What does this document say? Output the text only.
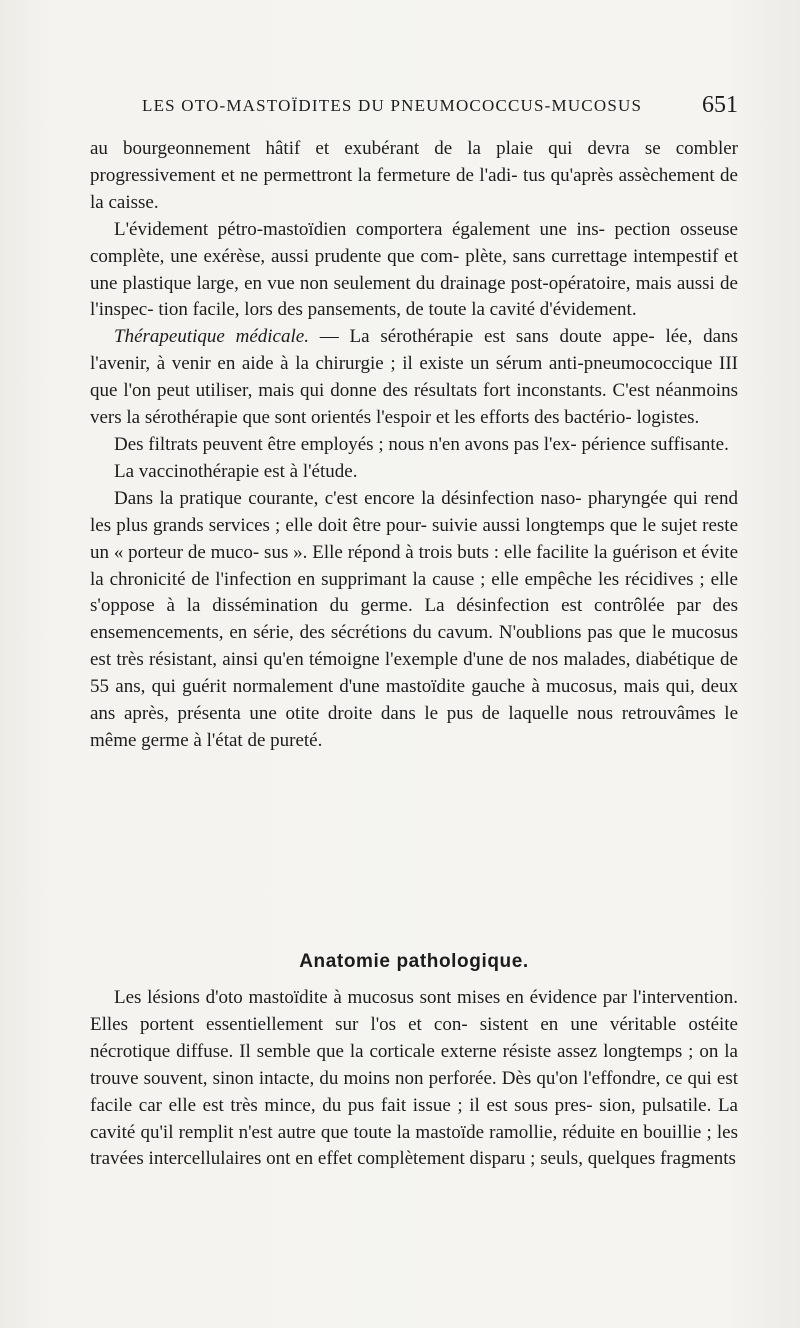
LES OTO-MASTOÏDITES DU PNEUMOCOCCUS-MUCOSUS 651

au bourgeonnement hâtif et exubérant de la plaie qui devra se combler progressivement et ne permettront la fermeture de l'adi- tus qu'après assèchement de la caisse.

L'évidement pétro-mastoïdien comportera également une ins- pection osseuse complète, une exérèse, aussi prudente que com- plète, sans currettage intempestif et une plastique large, en vue non seulement du drainage post-opératoire, mais aussi de l'inspec- tion facile, lors des pansements, de toute la cavité d'évidement.

Thérapeutique médicale. — La sérothérapie est sans doute appe- lée, dans l'avenir, à venir en aide à la chirurgie ; il existe un sérum anti-pneumococcique III que l'on peut utiliser, mais qui donne des résultats fort inconstants. C'est néanmoins vers la sérothérapie que sont orientés l'espoir et les efforts des bactério- logistes.

Des filtrats peuvent être employés ; nous n'en avons pas l'ex- périence suffisante.

La vaccinothérapie est à l'étude.

Dans la pratique courante, c'est encore la désinfection naso- pharyngée qui rend les plus grands services ; elle doit être pour- suivie aussi longtemps que le sujet reste un « porteur de muco- sus ». Elle répond à trois buts : elle facilite la guérison et évite la chronicité de l'infection en supprimant la cause ; elle empêche les récidives ; elle s'oppose à la dissémination du germe. La désinfection est contrôlée par des ensemencements, en série, des sécrétions du cavum. N'oublions pas que le mucosus est très résistant, ainsi qu'en témoigne l'exemple d'une de nos malades, diabétique de 55 ans, qui guérit normalement d'une mastoïdite gauche à mucosus, mais qui, deux ans après, présenta une otite droite dans le pus de laquelle nous retrouvâmes le même germe à l'état de pureté.

Anatomie pathologique.

Les lésions d'oto mastoïdite à mucosus sont mises en évidence par l'intervention. Elles portent essentiellement sur l'os et con- sistent en une véritable ostéite nécrotique diffuse. Il semble que la corticale externe résiste assez longtemps ; on la trouve souvent, sinon intacte, du moins non perforée. Dès qu'on l'effondre, ce qui est facile car elle est très mince, du pus fait issue ; il est sous pres- sion, pulsatile. La cavité qu'il remplit n'est autre que toute la mastoïde ramollie, réduite en bouillie ; les travées intercellulaires ont en effet complètement disparu ; seuls, quelques fragments
